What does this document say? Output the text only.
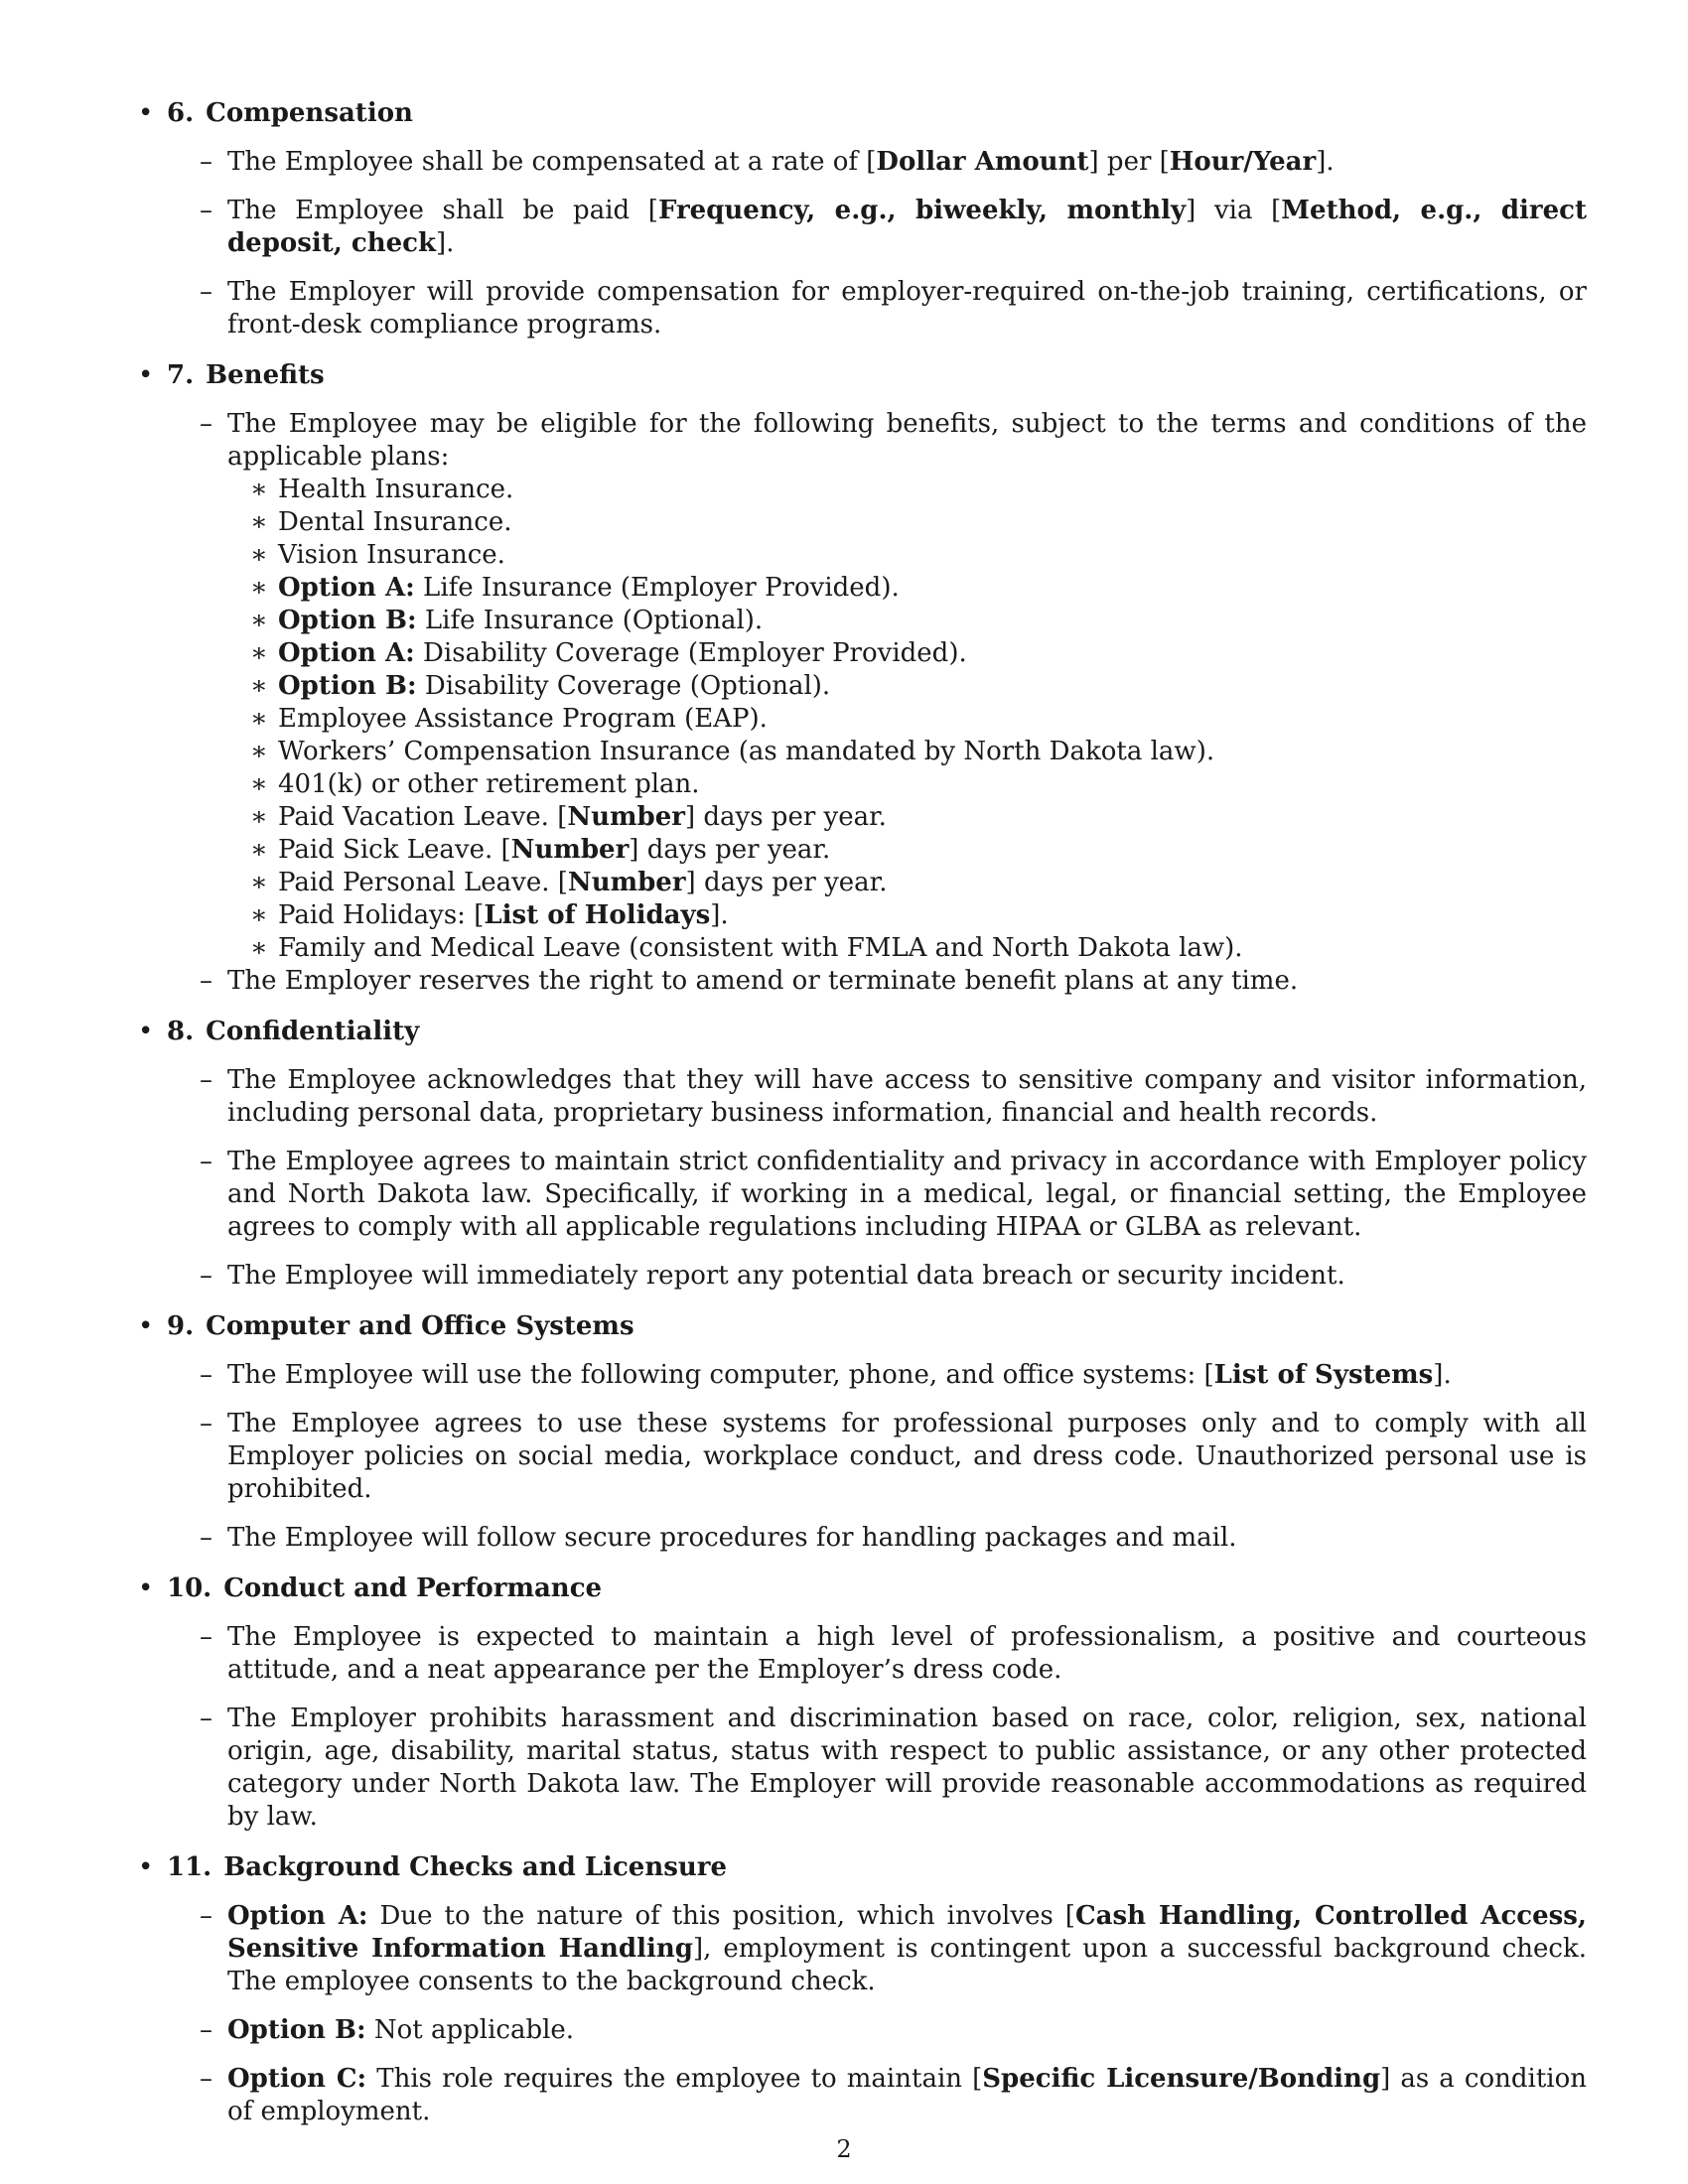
• 6. Compensation
– The Employee shall be compensated at a rate of [Dollar Amount] per [Hour/Year].
– The Employee shall be paid [Frequency, e.g., biweekly, monthly] via [Method, e.g., direct deposit, check].
– The Employer will provide compensation for employer-required on-the-job training, certifications, or front-desk compliance programs.
• 7. Benefits
– The Employee may be eligible for the following benefits, subject to the terms and conditions of the applicable plans:
∗ Health Insurance.
∗ Dental Insurance.
∗ Vision Insurance.
∗ Option A: Life Insurance (Employer Provided).
∗ Option B: Life Insurance (Optional).
∗ Option A: Disability Coverage (Employer Provided).
∗ Option B: Disability Coverage (Optional).
∗ Employee Assistance Program (EAP).
∗ Workers’ Compensation Insurance (as mandated by North Dakota law).
∗ 401(k) or other retirement plan.
∗ Paid Vacation Leave. [Number] days per year.
∗ Paid Sick Leave. [Number] days per year.
∗ Paid Personal Leave. [Number] days per year.
∗ Paid Holidays: [List of Holidays].
∗ Family and Medical Leave (consistent with FMLA and North Dakota law).
– The Employer reserves the right to amend or terminate benefit plans at any time.
• 8. Confidentiality
– The Employee acknowledges that they will have access to sensitive company and visitor information, including personal data, proprietary business information, financial and health records.
– The Employee agrees to maintain strict confidentiality and privacy in accordance with Employer policy and North Dakota law. Specifically, if working in a medical, legal, or financial setting, the Employee agrees to comply with all applicable regulations including HIPAA or GLBA as relevant.
– The Employee will immediately report any potential data breach or security incident.
• 9. Computer and Office Systems
– The Employee will use the following computer, phone, and office systems: [List of Systems].
– The Employee agrees to use these systems for professional purposes only and to comply with all Employer policies on social media, workplace conduct, and dress code. Unauthorized personal use is prohibited.
– The Employee will follow secure procedures for handling packages and mail.
• 10. Conduct and Performance
– The Employee is expected to maintain a high level of professionalism, a positive and courteous attitude, and a neat appearance per the Employer’s dress code.
– The Employer prohibits harassment and discrimination based on race, color, religion, sex, national origin, age, disability, marital status, status with respect to public assistance, or any other protected category under North Dakota law. The Employer will provide reasonable accommodations as required by law.
• 11. Background Checks and Licensure
– Option A: Due to the nature of this position, which involves [Cash Handling, Controlled Access, Sensitive Information Handling], employment is contingent upon a successful background check. The employee consents to the background check.
– Option B: Not applicable.
– Option C: This role requires the employee to maintain [Specific Licensure/Bonding] as a condition of employment.
2
